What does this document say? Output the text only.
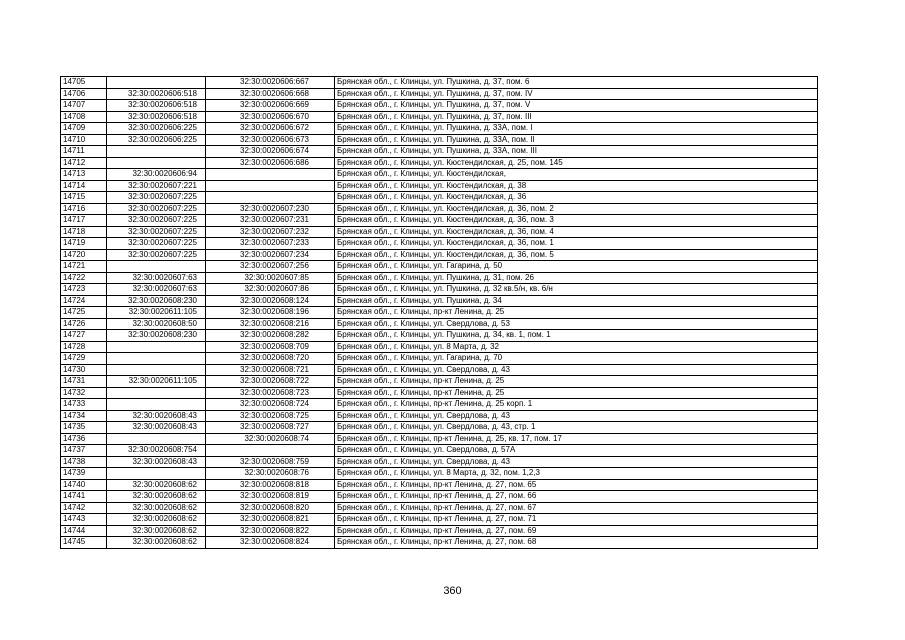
14705		32:30:0020606:667	Брянская обл., г. Клинцы, ул. Пушкина, д. 37, пом. 6
14706	32:30:0020606:518	32:30:0020606:668	Брянская обл., г. Клинцы, ул. Пушкина, д. 37, пом. IV
14707	32:30:0020606:518	32:30:0020606:669	Брянская обл., г. Клинцы, ул. Пушкина, д. 37, пом. V
14708	32:30:0020606:518	32:30:0020606:670	Брянская обл., г. Клинцы, ул. Пушкина, д. 37, пом. III
14709	32:30:0020606:225	32:30:0020606:672	Брянская обл., г. Клинцы, ул. Пушкина, д. 33А, пом. I
14710	32:30:0020606:225	32:30:0020606:673	Брянская обл., г. Клинцы, ул. Пушкина, д. 33А, пом. II
14711		32:30:0020606:674	Брянская обл., г. Клинцы, ул. Пушкина, д. 33А, пом. III
14712		32:30:0020606:686	Брянская обл., г. Клинцы, ул. Кюстендилская, д. 25, пом. 145
14713	32:30:0020606:94		Брянская обл., г. Клинцы, ул. Кюстендилская,
14714	32:30:0020607:221		Брянская обл., г. Клинцы, ул. Кюстендилская, д. 38
14715	32:30:0020607:225		Брянская обл., г. Клинцы, ул. Кюстендилская, д. 36
14716	32:30:0020607:225	32:30:0020607:230	Брянская обл., г. Клинцы, ул. Кюстендилская, д. 36, пом. 2
14717	32:30:0020607:225	32:30:0020607:231	Брянская обл., г. Клинцы, ул. Кюстендилская, д. 36, пом. 3
14718	32:30:0020607:225	32:30:0020607:232	Брянская обл., г. Клинцы, ул. Кюстендилская, д. 36, пом. 4
14719	32:30:0020607:225	32:30:0020607:233	Брянская обл., г. Клинцы, ул. Кюстендилская, д. 36, пом. 1
14720	32:30:0020607:225	32:30:0020607:234	Брянская обл., г. Клинцы, ул. Кюстендилская, д. 36, пом. 5
14721		32:30:0020607:256	Брянская обл., г. Клинцы, ул. Гагарина, д. 50
14722	32:30:0020607:63	32:30:0020607:85	Брянская обл., г. Клинцы, ул. Пушкина, д. 31, пом. 26
14723	32:30:0020607:63	32:30:0020607:86	Брянская обл., г. Клинцы, ул. Пушкина, д. 32 кв.5/н, кв. 6/н
14724	32:30:0020608:230	32:30:0020608:124	Брянская обл., г. Клинцы, ул. Пушкина, д. 34
14725	32:30:0020611:105	32:30:0020608:196	Брянская обл., г. Клинцы, пр-кт Ленина, д. 25
14726	32:30:0020608:50	32:30:0020608:216	Брянская обл., г. Клинцы, ул. Свердлова, д. 53
14727	32:30:0020608:230	32:30:0020608:282	Брянская обл., г. Клинцы, ул. Пушкина, д. 34, кв. 1, пом. 1
14728		32:30:0020608:709	Брянская обл., г. Клинцы, ул. 8 Марта, д. 32
14729		32:30:0020608:720	Брянская обл., г. Клинцы, ул. Гагарина, д. 70
14730		32:30:0020608:721	Брянская обл., г. Клинцы, ул. Свердлова, д. 43
14731	32:30:0020611:105	32:30:0020608:722	Брянская обл., г. Клинцы, пр-кт Ленина, д. 25
14732		32:30:0020608:723	Брянская обл., г. Клинцы, пр-кт Ленина, д. 25
14733		32:30:0020608:724	Брянская обл., г. Клинцы, пр-кт Ленина, д. 25 корп. 1
14734	32:30:0020608:43	32:30:0020608:725	Брянская обл., г. Клинцы, ул. Свердлова, д. 43
14735	32:30:0020608:43	32:30:0020608:727	Брянская обл., г. Клинцы, ул. Свердлова, д. 43, стр. 1
14736		32:30:0020608:74	Брянская обл., г. Клинцы, пр-кт Ленина, д. 25, кв. 17, пом. 17
14737	32:30:0020608:754		Брянская обл., г. Клинцы, ул. Свердлова, д. 57А
14738	32:30:0020608:43	32:30:0020608:759	Брянская обл., г. Клинцы, ул. Свердлова, д. 43
14739		32:30:0020608:76	Брянская обл., г. Клинцы, ул. 8 Марта, д. 32, пом. 1,2,3
14740	32:30:0020608:62	32:30:0020608:818	Брянская обл., г. Клинцы, пр-кт Ленина, д. 27, пом. 65
14741	32:30:0020608:62	32:30:0020608:819	Брянская обл., г. Клинцы, пр-кт Ленина, д. 27, пом. 66
14742	32:30:0020608:62	32:30:0020608:820	Брянская обл., г. Клинцы, пр-кт Ленина, д. 27, пом. 67
14743	32:30:0020608:62	32:30:0020608:821	Брянская обл., г. Клинцы, пр-кт Ленина, д. 27, пом. 71
14744	32:30:0020608:62	32:30:0020608:822	Брянская обл., г. Клинцы, пр-кт Ленина, д. 27, пом. 69
14745	32:30:0020608:62	32:30:0020608:824	Брянская обл., г. Клинцы, пр-кт Ленина, д. 27, пом. 68
360
